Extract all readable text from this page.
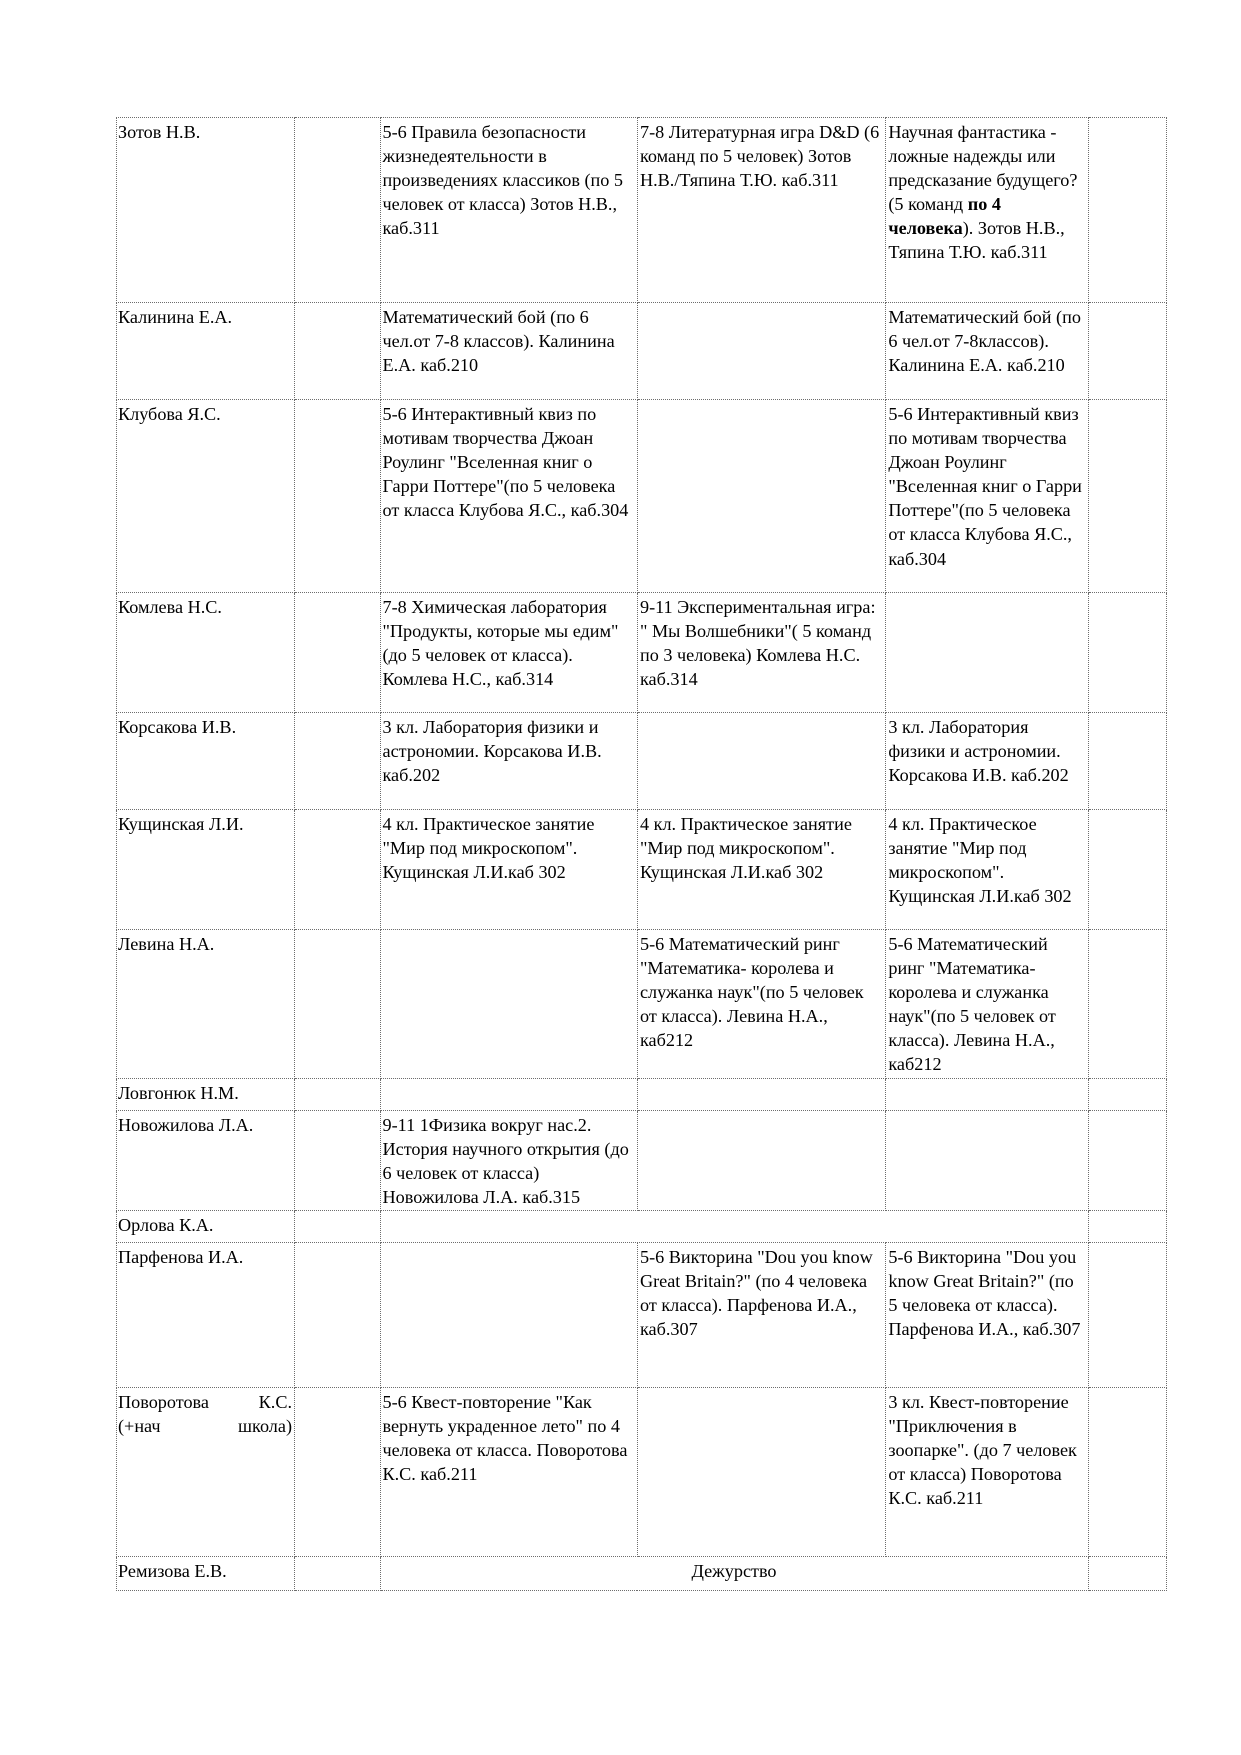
Зотов Н.В.		5-6 Правила безопасности жизнедеятельности в произведениях классиков (по 5 человек от класса) Зотов Н.В., каб.311	7-8 Литературная игра D&D (6 команд по 5 человек) Зотов Н.В./Тяпина Т.Ю. каб.311	Научная фантастика - ложные надежды или предсказание будущего? (5 команд по 4 человека). Зотов Н.В., Тяпина Т.Ю. каб.311	
Калинина Е.А.		Математический бой (по 6 чел.от 7-8 классов). Калинина Е.А. каб.210		Математический бой (по 6 чел.от 7-8классов). Калинина Е.А. каб.210	
Клубова Я.С.		5-6 Интерактивный квиз по мотивам творчества Джоан Роулинг "Вселенная книг о Гарри Поттере"(по 5 человека от класса Клубова Я.С., каб.304		5-6 Интерактивный квиз по мотивам творчества Джоан Роулинг "Вселенная книг о Гарри Поттере"(по 5 человека от класса Клубова Я.С., каб.304	
Комлева Н.С.		7-8 Химическая лаборатория "Продукты, которые мы едим" (до 5 человек от класса). Комлева Н.С., каб.314	9-11 Экспериментальная игра: " Мы Волшебники"( 5 команд по 3 человека) Комлева Н.С. каб.314		
Корсакова И.В.		3 кл. Лаборатория физики и астрономии. Корсакова И.В. каб.202		3 кл. Лаборатория физики и астрономии. Корсакова И.В. каб.202	
Кущинская Л.И.		4 кл. Практическое занятие "Мир под микроскопом". Кущинская Л.И.каб 302	4 кл. Практическое занятие "Мир под микроскопом". Кущинская Л.И.каб 302	4 кл. Практическое занятие "Мир под микроскопом". Кущинская Л.И.каб 302	
Левина Н.А.			5-6 Математический ринг "Математика- королева и служанка наук"(по 5 человек от класса). Левина Н.А., каб212	5-6 Математический ринг "Математика- королева и служанка наук"(по 5 человек от класса). Левина Н.А., каб212	
Ловгонюк Н.М.					
Новожилова Л.А.		9-11 1Физика вокруг нас.2. История научного открытия (до 6 человек от класса) Новожилова Л.А. каб.315			
Орлова К.А.					
Парфенова И.А.			5-6 Викторина "Dou you know Great Britain?" (по 4 человека от класса). Парфенова И.А., каб.307	5-6 Викторина "Dou you know Great Britain?" (по 5 человека от класса). Парфенова И.А., каб.307	
Поворотова К.С. (+нач школа)		5-6 Квест-повторение "Как вернуть украденное лето" по 4 человека от класса. Поворотова К.С. каб.211		3 кл. Квест-повторение "Приключения в зоопарке". (до 7 человек от класса) Поворотова К.С. каб.211	
Ремизова Е.В.		Дежурство			
